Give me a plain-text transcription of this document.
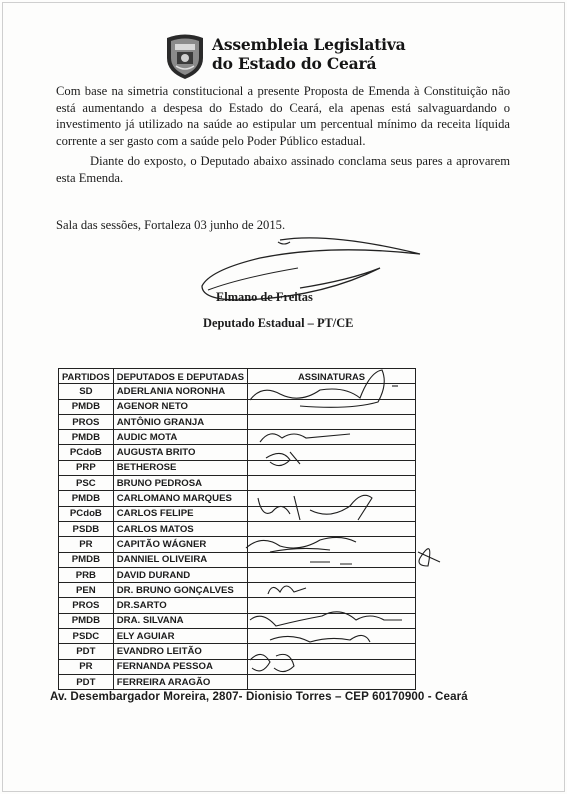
Assembleia Legislativa
do Estado do Ceará
Com base na simetria constitucional a presente Proposta de Emenda à Constituição não está aumentando a despesa do Estado do Ceará, ela apenas está salvaguardando o investimento já utilizado na saúde ao estipular um percentual mínimo da receita líquida corrente a ser gasto com a saúde pelo Poder Público estadual.
Diante do exposto, o Deputado abaixo assinado conclama seus pares a aprovarem esta Emenda.
Sala das sessões, Fortaleza 03 junho de 2015.
Elmano de Freitas
Deputado Estadual – PT/CE
PARTIDOS	DEPUTADOS E DEPUTADAS	ASSINATURAS
SD	ADERLANIA NORONHA	
PMDB	AGENOR NETO	
PROS	ANTÔNIO GRANJA	
PMDB	AUDIC MOTA	
PCdoB	AUGUSTA BRITO	
PRP	BETHEROSE	
PSC	BRUNO PEDROSA	
PMDB	CARLOMANO MARQUES	
PCdoB	CARLOS FELIPE	
PSDB	CARLOS MATOS	
PR	CAPITÃO WÁGNER	
PMDB	DANNIEL OLIVEIRA	
PRB	DAVID DURAND	
PEN	DR. BRUNO GONÇALVES	
PROS	DR.SARTO	
PMDB	DRA. SILVANA	
PSDC	ELY AGUIAR	
PDT	EVANDRO LEITÃO	
PR	FERNANDA PESSOA	
PDT	FERREIRA ARAGÃO	
Av. Desembargador Moreira, 2807- Dionisio Torres – CEP 60170900 - Ceará
